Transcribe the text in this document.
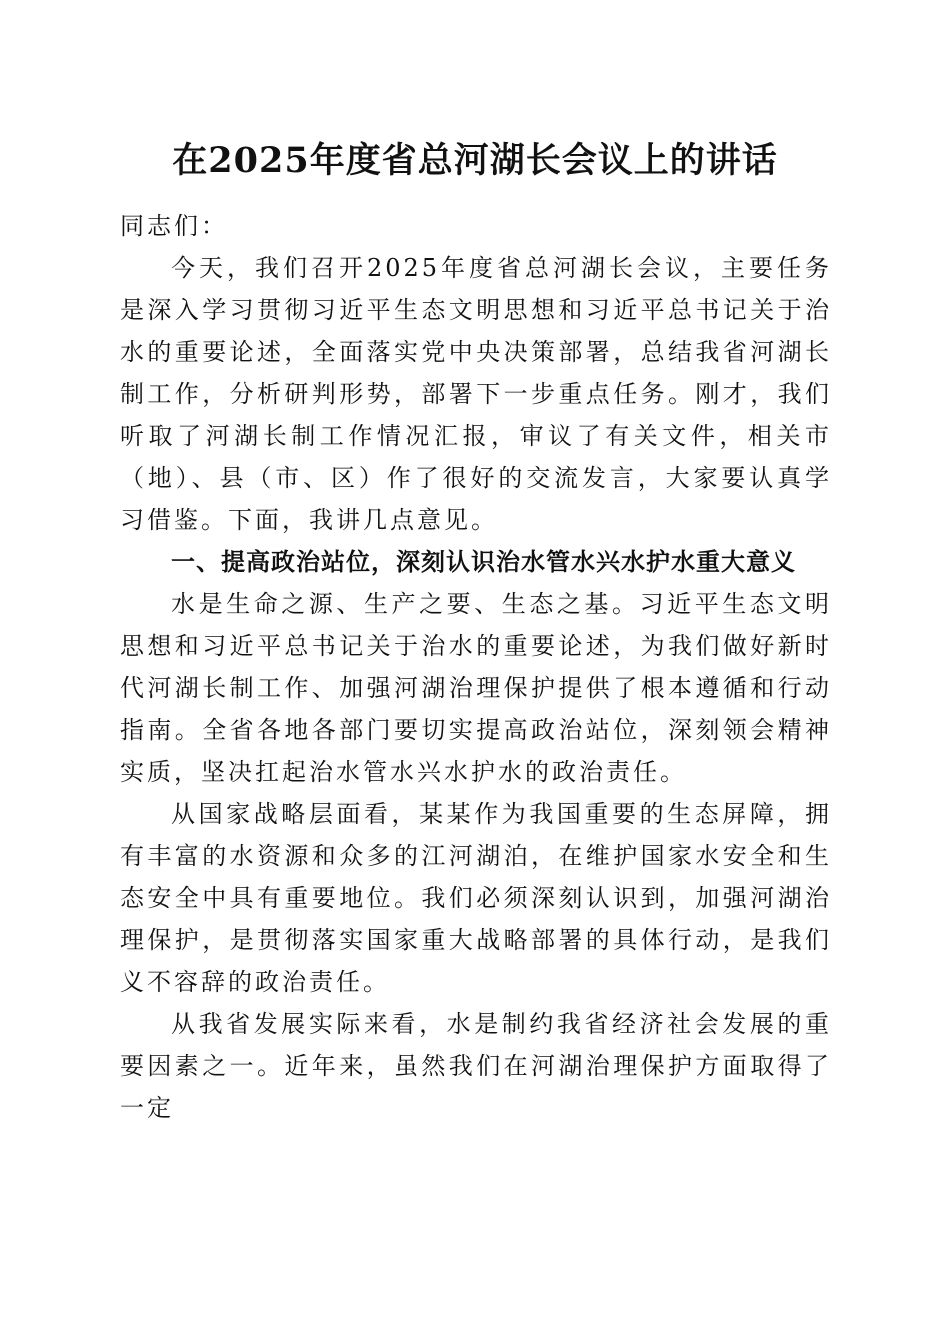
在2025年度省总河湖长会议上的讲话

同志们：

今天，我们召开2025年度省总河湖长会议，主要任务是深入学习贯彻习近平生态文明思想和习近平总书记关于治水的重要论述，全面落实党中央决策部署，总结我省河湖长制工作，分析研判形势，部署下一步重点任务。刚才，我们听取了河湖长制工作情况汇报，审议了有关文件，相关市（地）、县（市、区）作了很好的交流发言，大家要认真学习借鉴。下面，我讲几点意见。

一、提高政治站位，深刻认识治水管水兴水护水重大意义

水是生命之源、生产之要、生态之基。习近平生态文明思想和习近平总书记关于治水的重要论述，为我们做好新时代河湖长制工作、加强河湖治理保护提供了根本遵循和行动指南。全省各地各部门要切实提高政治站位，深刻领会精神实质，坚决扛起治水管水兴水护水的政治责任。

从国家战略层面看，某某作为我国重要的生态屏障，拥有丰富的水资源和众多的江河湖泊，在维护国家水安全和生态安全中具有重要地位。我们必须深刻认识到，加强河湖治理保护，是贯彻落实国家重大战略部署的具体行动，是我们义不容辞的政治责任。

从我省发展实际来看，水是制约我省经济社会发展的重要因素之一。近年来，虽然我们在河湖治理保护方面取得了一定
